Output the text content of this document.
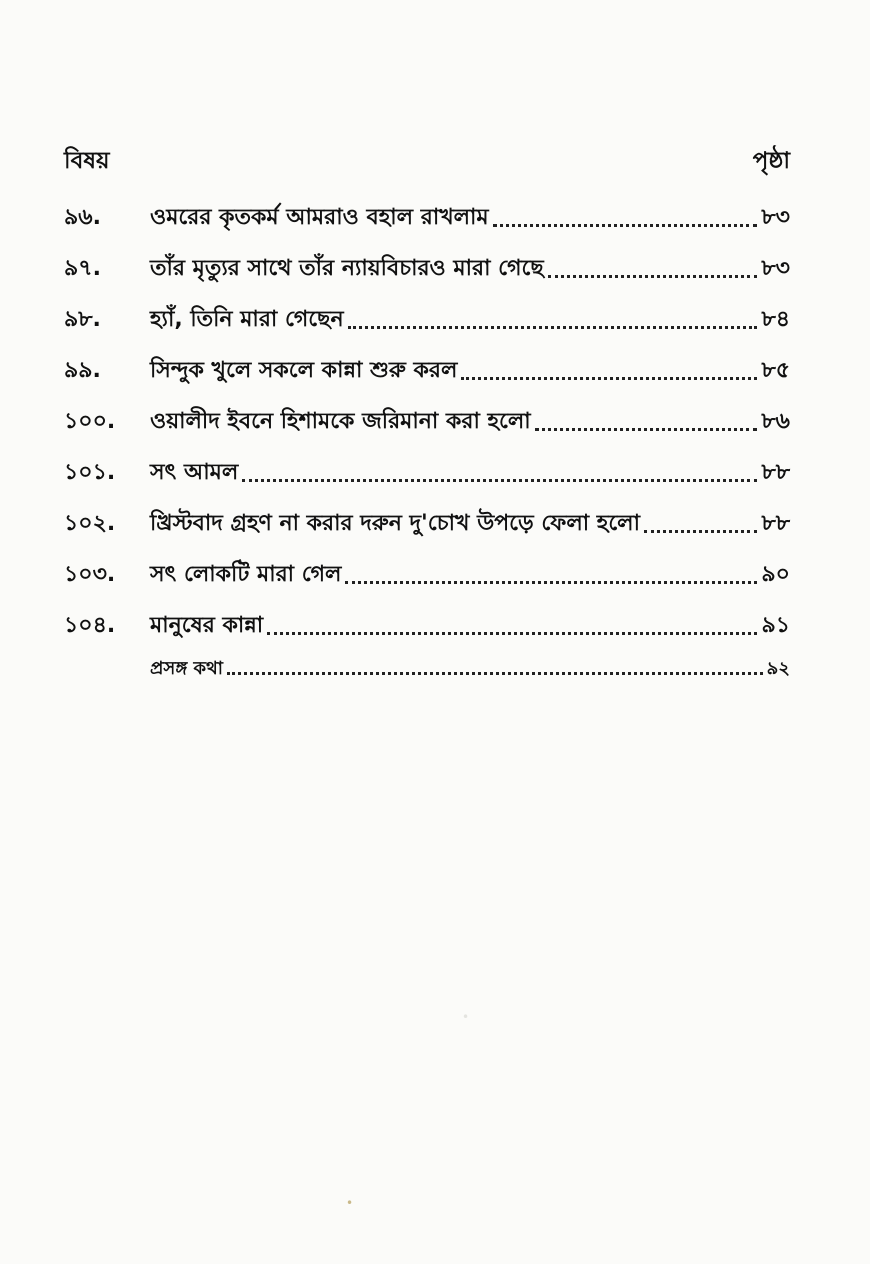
বিষয়	পৃষ্ঠা
৯৬.	ওমরের কৃতকর্ম আমরাও বহাল রাখলাম	৮৩
৯৭.	তাঁর মৃত্যুর সাথে তাঁর ন্যায়বিচারও মারা গেছে	৮৩
৯৮.	হ্যাঁ, তিনি মারা গেছেন	৮৪
৯৯.	সিন্দুক খুলে সকলে কান্না শুরু করল	৮৫
১০০.	ওয়ালীদ ইবনে হিশামকে জরিমানা করা হলো	৮৬
১০১.	সৎ আমল	৮৮
১০২.	খ্রিস্টবাদ গ্রহণ না করার দরুন দু'চোখ উপড়ে ফেলা হলো	৮৮
১০৩.	সৎ লোকটি মারা গেল	৯০
১০৪.	মানুষের কান্না	৯১
প্রসঙ্গ কথা	৯২
•
•
